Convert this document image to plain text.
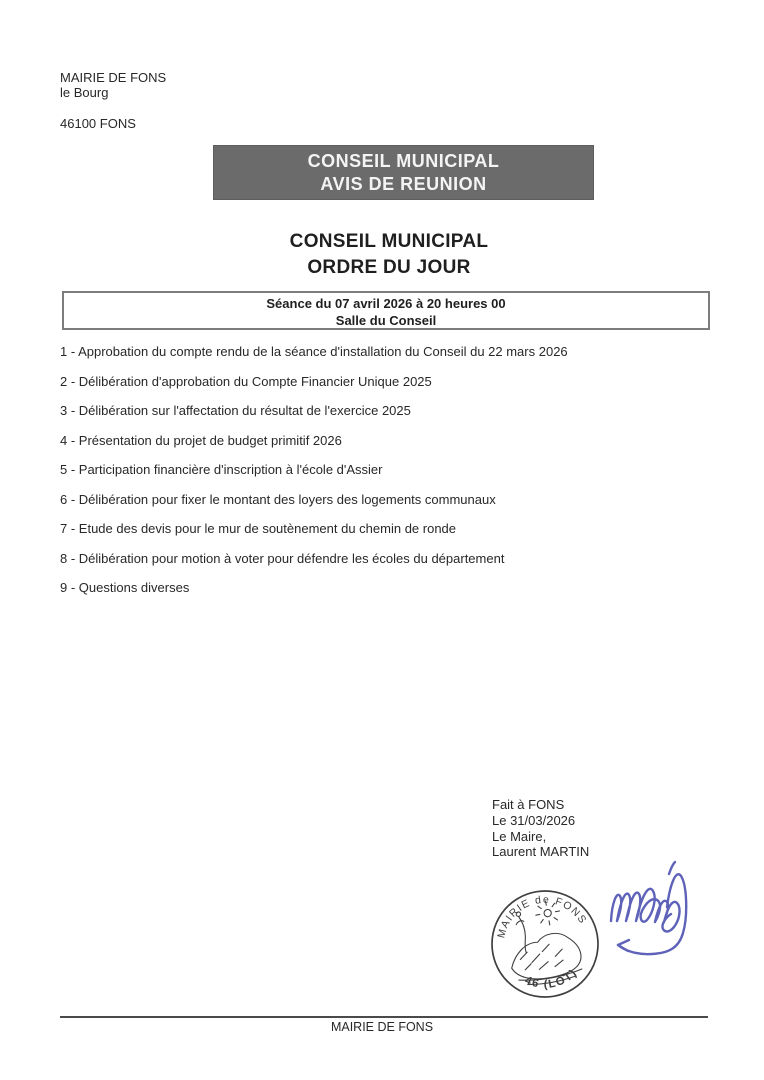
MAIRIE DE FONS
le Bourg
46100 FONS
CONSEIL MUNICIPAL
AVIS DE REUNION
CONSEIL MUNICIPAL
ORDRE DU JOUR
Séance du 07 avril 2026 à 20 heures 00
Salle du Conseil
1 - Approbation du compte rendu de la séance d'installation du Conseil du 22 mars 2026
2 - Délibération d'approbation du Compte Financier Unique 2025
3 - Délibération sur l'affectation du résultat de l'exercice 2025
4 - Présentation du projet de budget primitif 2026
5 - Participation financière d'inscription à l'école d'Assier
6 - Délibération pour fixer le montant des loyers des logements communaux
7 - Etude des devis pour le mur de soutènement du chemin de ronde
8 - Délibération pour motion à voter pour défendre les écoles du département
9 - Questions diverses
Fait à FONS
Le 31/03/2026
Le Maire,
Laurent MARTIN
MAIRIE de FONS
46 (LOT)
MAIRIE DE FONS
